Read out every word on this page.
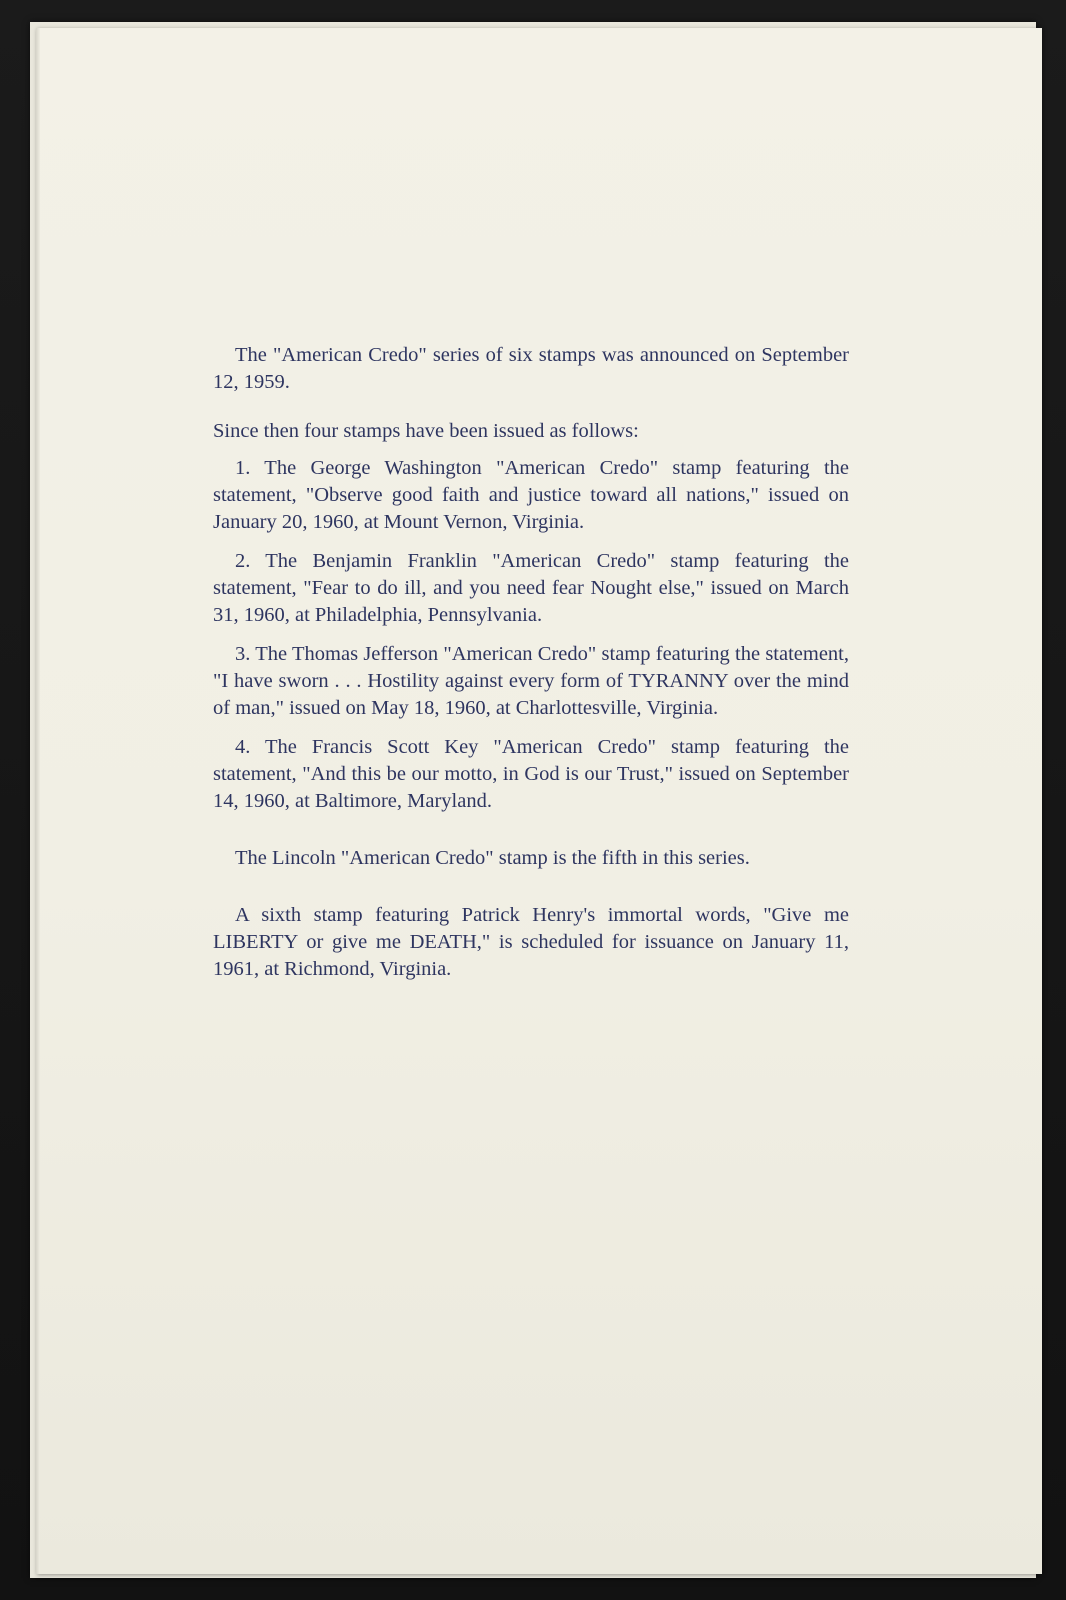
The "American Credo" series of six stamps was announced on September 12, 1959.

Since then four stamps have been issued as follows:

1. The George Washington "American Credo" stamp featuring the statement, "Observe good faith and justice toward all nations," issued on January 20, 1960, at Mount Vernon, Virginia.

2. The Benjamin Franklin "American Credo" stamp featuring the statement, "Fear to do ill, and you need fear Nought else," issued on March 31, 1960, at Philadelphia, Pennsylvania.

3. The Thomas Jefferson "American Credo" stamp featuring the statement, "I have sworn . . . Hostility against every form of TYRANNY over the mind of man," issued on May 18, 1960, at Charlottesville, Virginia.

4. The Francis Scott Key "American Credo" stamp featuring the statement, "And this be our motto, in God is our Trust," issued on September 14, 1960, at Baltimore, Maryland.

The Lincoln "American Credo" stamp is the fifth in this series.

A sixth stamp featuring Patrick Henry's immortal words, "Give me LIBERTY or give me DEATH," is scheduled for issuance on January 11, 1961, at Richmond, Virginia.
